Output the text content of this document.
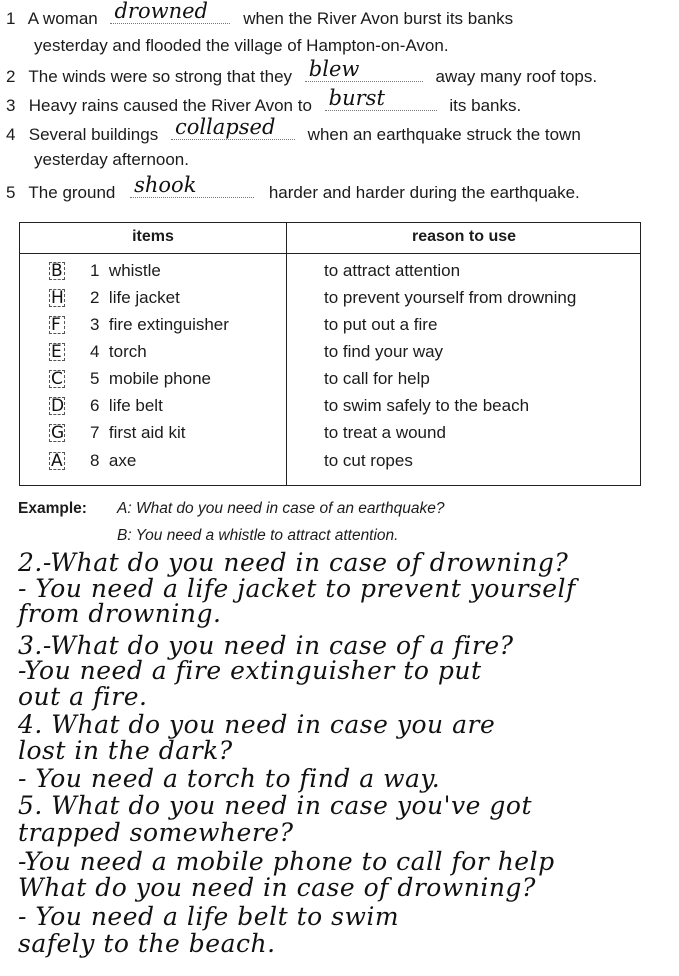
1 A woman drowned when the River Avon burst its banks
yesterday and flooded the village of Hampton-on-Avon.
2 The winds were so strong that they blew	away many roof tops.
3 Heavy rains caused the River Avon to burst	its banks.
4 Several buildings collapsed when an earthquake struck the town
yesterday afternoon.
5 The ground shook	harder and harder during the earthquake.
items	reason to use
B 1 whistle	to attract attention
H 2 life jacket	to prevent yourself from drowning
F 3 fire extinguisher	to put out a fire
E 4 torch	to find your way
C 5 mobile phone	to call for help
D 6 life belt	to swim safely to the beach
G 7 first aid kit	to treat a wound
A 8 axe	to cut ropes
Example: A: What do you need in case of an earthquake?
B: You need a whistle to attract attention.
2.-What do you need in case of drowning?
- You need a life jacket to prevent yourself
from drowning.
3.-What do you need in case of a fire?
-You need a fire extinguisher to put
out a fire.
4. What do you need in case you are
lost in the dark?
- You need a torch to find a way.
5. What do you need in case you've got
trapped somewhere?
-You need a mobile phone to call for help
What do you need in case of drowning?
- You need a life belt to swim
safely to the beach.
